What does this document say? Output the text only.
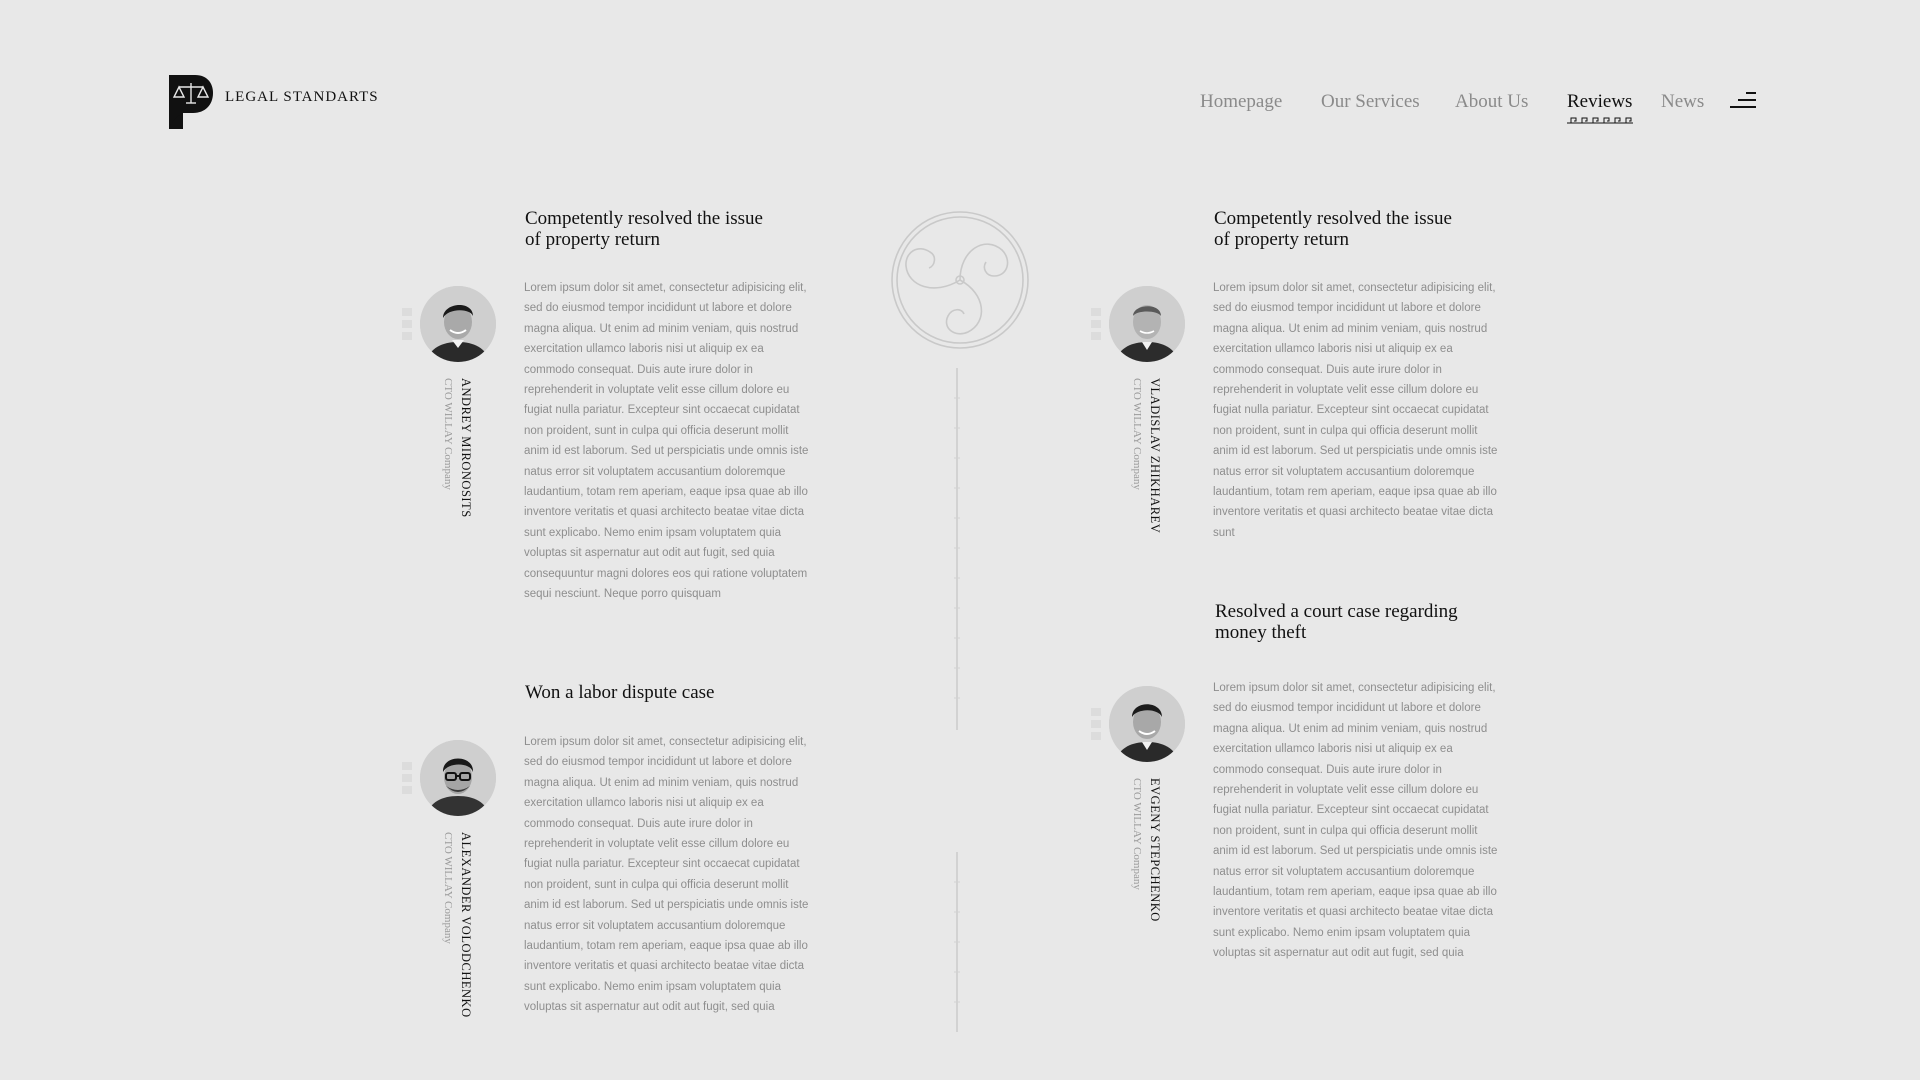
LEGAL STANDARTS	Homepage Our Services About Us Reviews News
Competently resolved the issue
of property return
ANDREY MIRONOSITS
CTO WILLAY Company

Lorem ipsum dolor sit amet, consectetur adipisicing elit, sed do eiusmod tempor incididunt ut labore et dolore magna aliqua. Ut enim ad minim veniam, quis nostrud exercitation ullamco laboris nisi ut aliquip ex ea commodo consequat. Duis aute irure dolor in reprehenderit in voluptate velit esse cillum dolore eu fugiat nulla pariatur. Excepteur sint occaecat cupidatat non proident, sunt in culpa qui officia deserunt mollit anim id est laborum. Sed ut perspiciatis unde omnis iste natus error sit voluptatem accusantium doloremque laudantium, totam rem aperiam, eaque ipsa quae ab illo inventore veritatis et quasi architecto beatae vitae dicta sunt explicabo. Nemo enim ipsam voluptatem quia voluptas sit aspernatur aut odit aut fugit, sed quia consequuntur magni dolores eos qui ratione voluptatem sequi nesciunt. Neque porro quisquam

Won a labor dispute case
ALEXANDER VOLODCHENKO
CTO WILLAY Company

Lorem ipsum dolor sit amet, consectetur adipisicing elit, sed do eiusmod tempor incididunt ut labore et dolore magna aliqua. Ut enim ad minim veniam, quis nostrud exercitation ullamco laboris nisi ut aliquip ex ea commodo consequat. Duis aute irure dolor in reprehenderit in voluptate velit esse cillum dolore eu fugiat nulla pariatur. Excepteur sint occaecat cupidatat non proident, sunt in culpa qui officia deserunt mollit anim id est laborum. Sed ut perspiciatis unde omnis iste natus error sit voluptatem accusantium doloremque laudantium, totam rem aperiam, eaque ipsa quae ab illo inventore veritatis et quasi architecto beatae vitae dicta sunt explicabo. Nemo enim ipsam voluptatem quia voluptas sit aspernatur aut odit aut fugit, sed quia

Competently resolved the issue
of property return
VLADISLAV ZHIKHAREV
CTO WILLAY Company

Lorem ipsum dolor sit amet, consectetur adipisicing elit, sed do eiusmod tempor incididunt ut labore et dolore magna aliqua. Ut enim ad minim veniam, quis nostrud exercitation ullamco laboris nisi ut aliquip ex ea commodo consequat. Duis aute irure dolor in reprehenderit in voluptate velit esse cillum dolore eu fugiat nulla pariatur. Excepteur sint occaecat cupidatat non proident, sunt in culpa qui officia deserunt mollit anim id est laborum. Sed ut perspiciatis unde omnis iste natus error sit voluptatem accusantium doloremque laudantium, totam rem aperiam, eaque ipsa quae ab illo inventore veritatis et quasi architecto beatae vitae dicta sunt

Resolved a court case regarding
money theft
EVGENY STEPCHENKO
CTO WILLAY Company

Lorem ipsum dolor sit amet, consectetur adipisicing elit, sed do eiusmod tempor incididunt ut labore et dolore magna aliqua. Ut enim ad minim veniam, quis nostrud exercitation ullamco laboris nisi ut aliquip ex ea commodo consequat. Duis aute irure dolor in reprehenderit in voluptate velit esse cillum dolore eu fugiat nulla pariatur. Excepteur sint occaecat cupidatat non proident, sunt in culpa qui officia deserunt mollit anim id est laborum. Sed ut perspiciatis unde omnis iste natus error sit voluptatem accusantium doloremque laudantium, totam rem aperiam, eaque ipsa quae ab illo inventore veritatis et quasi architecto beatae vitae dicta sunt explicabo. Nemo enim ipsam voluptatem quia voluptas sit aspernatur aut odit aut fugit, sed quia
